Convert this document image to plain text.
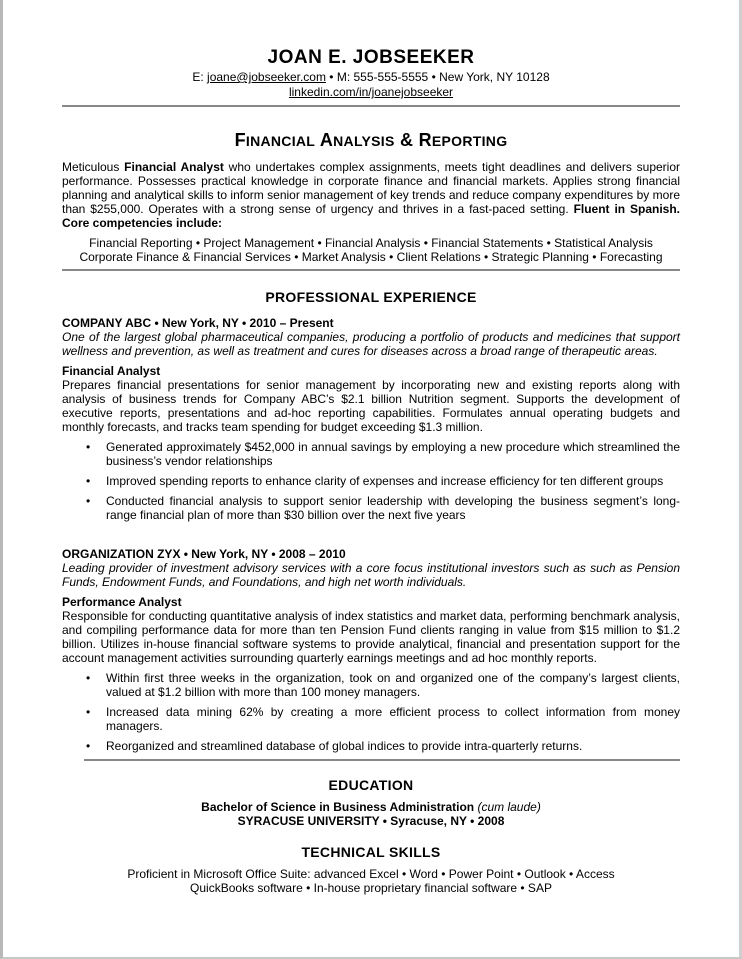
JOAN E. JOBSEEKER
E: joane@jobseeker.com • M: 555-555-5555 • New York, NY 10128
linkedin.com/in/joanejobseeker
FINANCIAL ANALYSIS & REPORTING
Meticulous Financial Analyst who undertakes complex assignments, meets tight deadlines and delivers superior performance. Possesses practical knowledge in corporate finance and financial markets. Applies strong financial planning and analytical skills to inform senior management of key trends and reduce company expenditures by more than $255,000. Operates with a strong sense of urgency and thrives in a fast-paced setting. Fluent in Spanish. Core competencies include:
Financial Reporting • Project Management • Financial Analysis • Financial Statements • Statistical Analysis
Corporate Finance & Financial Services • Market Analysis • Client Relations • Strategic Planning • Forecasting
PROFESSIONAL EXPERIENCE
COMPANY ABC • New York, NY • 2010 – Present
One of the largest global pharmaceutical companies, producing a portfolio of products and medicines that support wellness and prevention, as well as treatment and cures for diseases across a broad range of therapeutic areas.
Financial Analyst
Prepares financial presentations for senior management by incorporating new and existing reports along with analysis of business trends for Company ABC’s $2.1 billion Nutrition segment. Supports the development of executive reports, presentations and ad-hoc reporting capabilities. Formulates annual operating budgets and monthly forecasts, and tracks team spending for budget exceeding $1.3 million.
• Generated approximately $452,000 in annual savings by employing a new procedure which streamlined the business’s vendor relationships
• Improved spending reports to enhance clarity of expenses and increase efficiency for ten different groups
• Conducted financial analysis to support senior leadership with developing the business segment’s long-range financial plan of more than $30 billion over the next five years
ORGANIZATION ZYX • New York, NY • 2008 – 2010
Leading provider of investment advisory services with a core focus institutional investors such as such as Pension Funds, Endowment Funds, and Foundations, and high net worth individuals.
Performance Analyst
Responsible for conducting quantitative analysis of index statistics and market data, performing benchmark analysis, and compiling performance data for more than ten Pension Fund clients ranging in value from $15 million to $1.2 billion. Utilizes in-house financial software systems to provide analytical, financial and presentation support for the account management activities surrounding quarterly earnings meetings and ad hoc monthly reports.
• Within first three weeks in the organization, took on and organized one of the company’s largest clients, valued at $1.2 billion with more than 100 money managers.
• Increased data mining 62% by creating a more efficient process to collect information from money managers.
• Reorganized and streamlined database of global indices to provide intra-quarterly returns.
EDUCATION
Bachelor of Science in Business Administration (cum laude)
SYRACUSE UNIVERSITY • Syracuse, NY • 2008
TECHNICAL SKILLS
Proficient in Microsoft Office Suite: advanced Excel • Word • Power Point • Outlook • Access
QuickBooks software • In-house proprietary financial software • SAP
